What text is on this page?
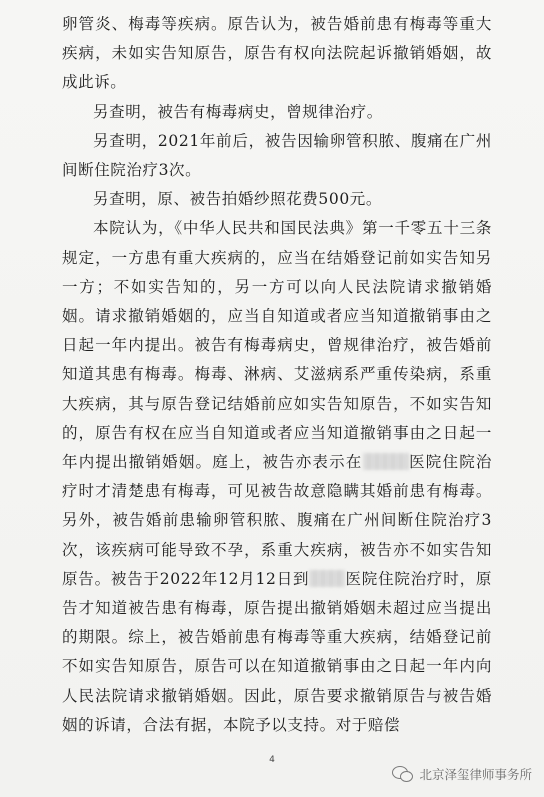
卵管炎、梅毒等疾病。原告认为，被告婚前患有梅毒等重大疾病，未如实告知原告，原告有权向法院起诉撤销婚姻，故成此诉。

另查明，被告有梅毒病史，曾规律治疗。

另查明，2021年前后，被告因输卵管积脓、腹痛在广州间断住院治疗3次。

另查明，原、被告拍婚纱照花费500元。

本院认为，《中华人民共和国民法典》第一千零五十三条规定，一方患有重大疾病的，应当在结婚登记前如实告知另一方；不如实告知的，另一方可以向人民法院请求撤销婚姻。请求撤销婚姻的，应当自知道或者应当知道撤销事由之日起一年内提出。被告有梅毒病史，曾规律治疗，被告婚前知道其患有梅毒。梅毒、淋病、艾滋病系严重传染病，系重大疾病，其与原告登记结婚前应如实告知原告，不如实告知的，原告有权在应当自知道或者应当知道撤销事由之日起一年内提出撤销婚姻。庭上，被告亦表示在	医院住院治疗时才清楚患有梅毒，可见被告故意隐瞒其婚前患有梅毒。另外，被告婚前患输卵管积脓、腹痛在广州间断住院治疗3次，该疾病可能导致不孕，系重大疾病，被告亦不如实告知原告。被告于2022年12月12日到 医院住院治疗时，原告才知道被告患有梅毒，原告提出撤销婚姻未超过应当提出的期限。综上，被告婚前患有梅毒等重大疾病，结婚登记前不如实告知原告，原告可以在知道撤销事由之日起一年内向人民法院请求撤销婚姻。因此，原告要求撤销原告与被告婚姻的诉请，合法有据，本院予以支持。对于赔偿

4
北京泽玺律师事务所
